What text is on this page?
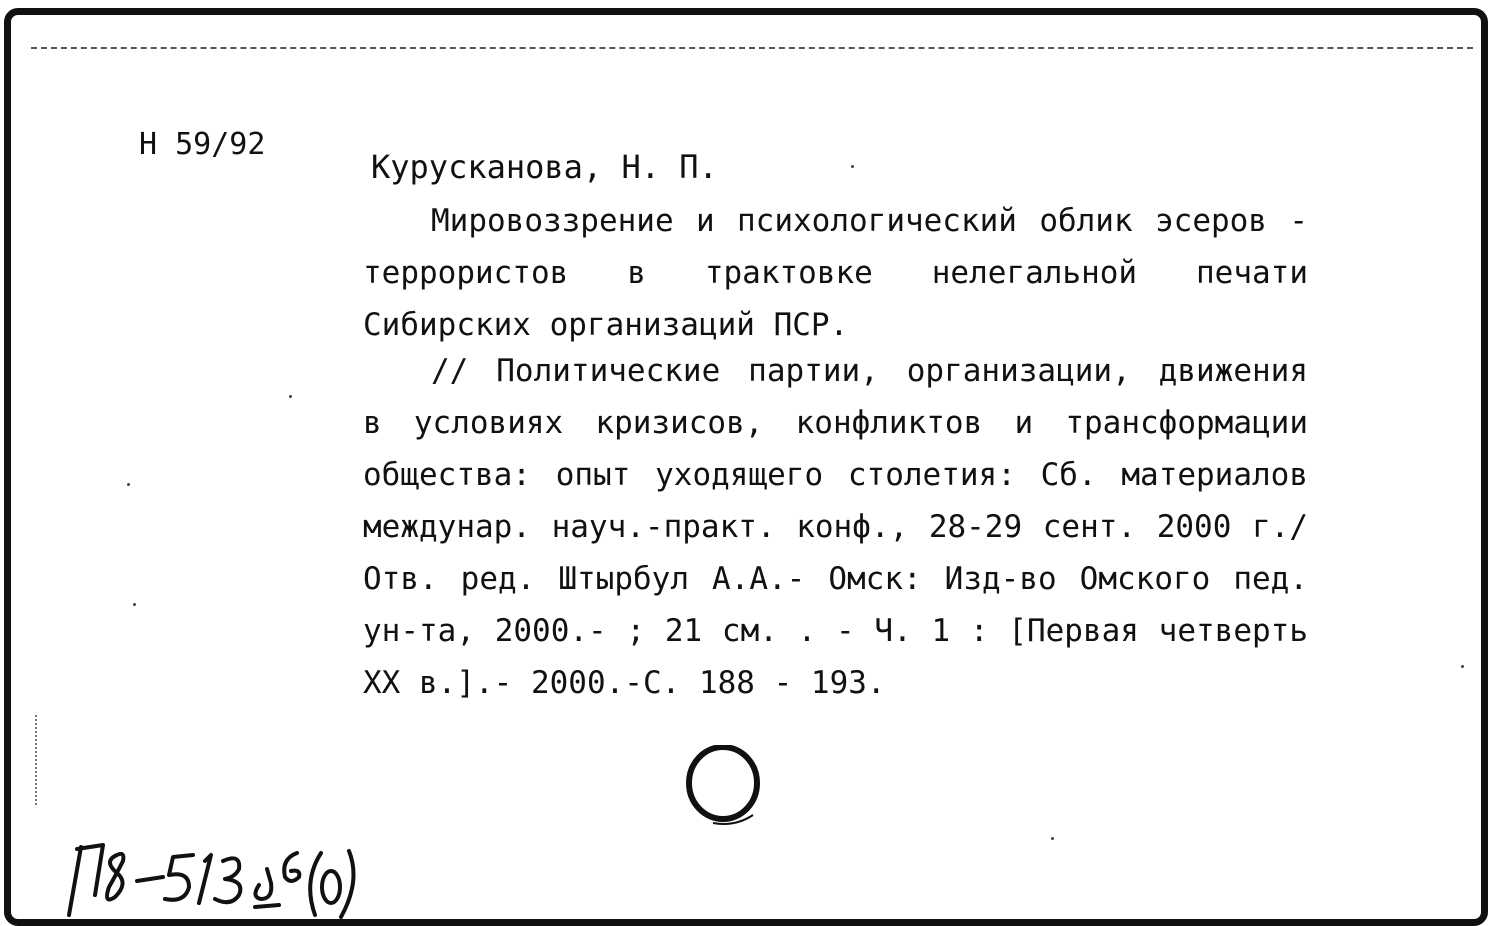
Н 59/92
Курусканова, Н. П.
Мировоззрение и психологический облик эсеров - террористов в трактовке нелегальной печати Сибирских организаций ПСР.
// Политические партии, организации, движения в условиях кризисов, конфликтов и трансформации общества: опыт уходящего столетия: Сб. материалов междунар. науч.-практ. конф., 28-29 сент. 2000 г./ Отв. ред. Штырбул А.А.- Омск: Изд-во Омского пед. ун-та, 2000.- ; 21 см. . - Ч. 1 : [Первая четверть XX в.].- 2000.-С. 188 - 193.
